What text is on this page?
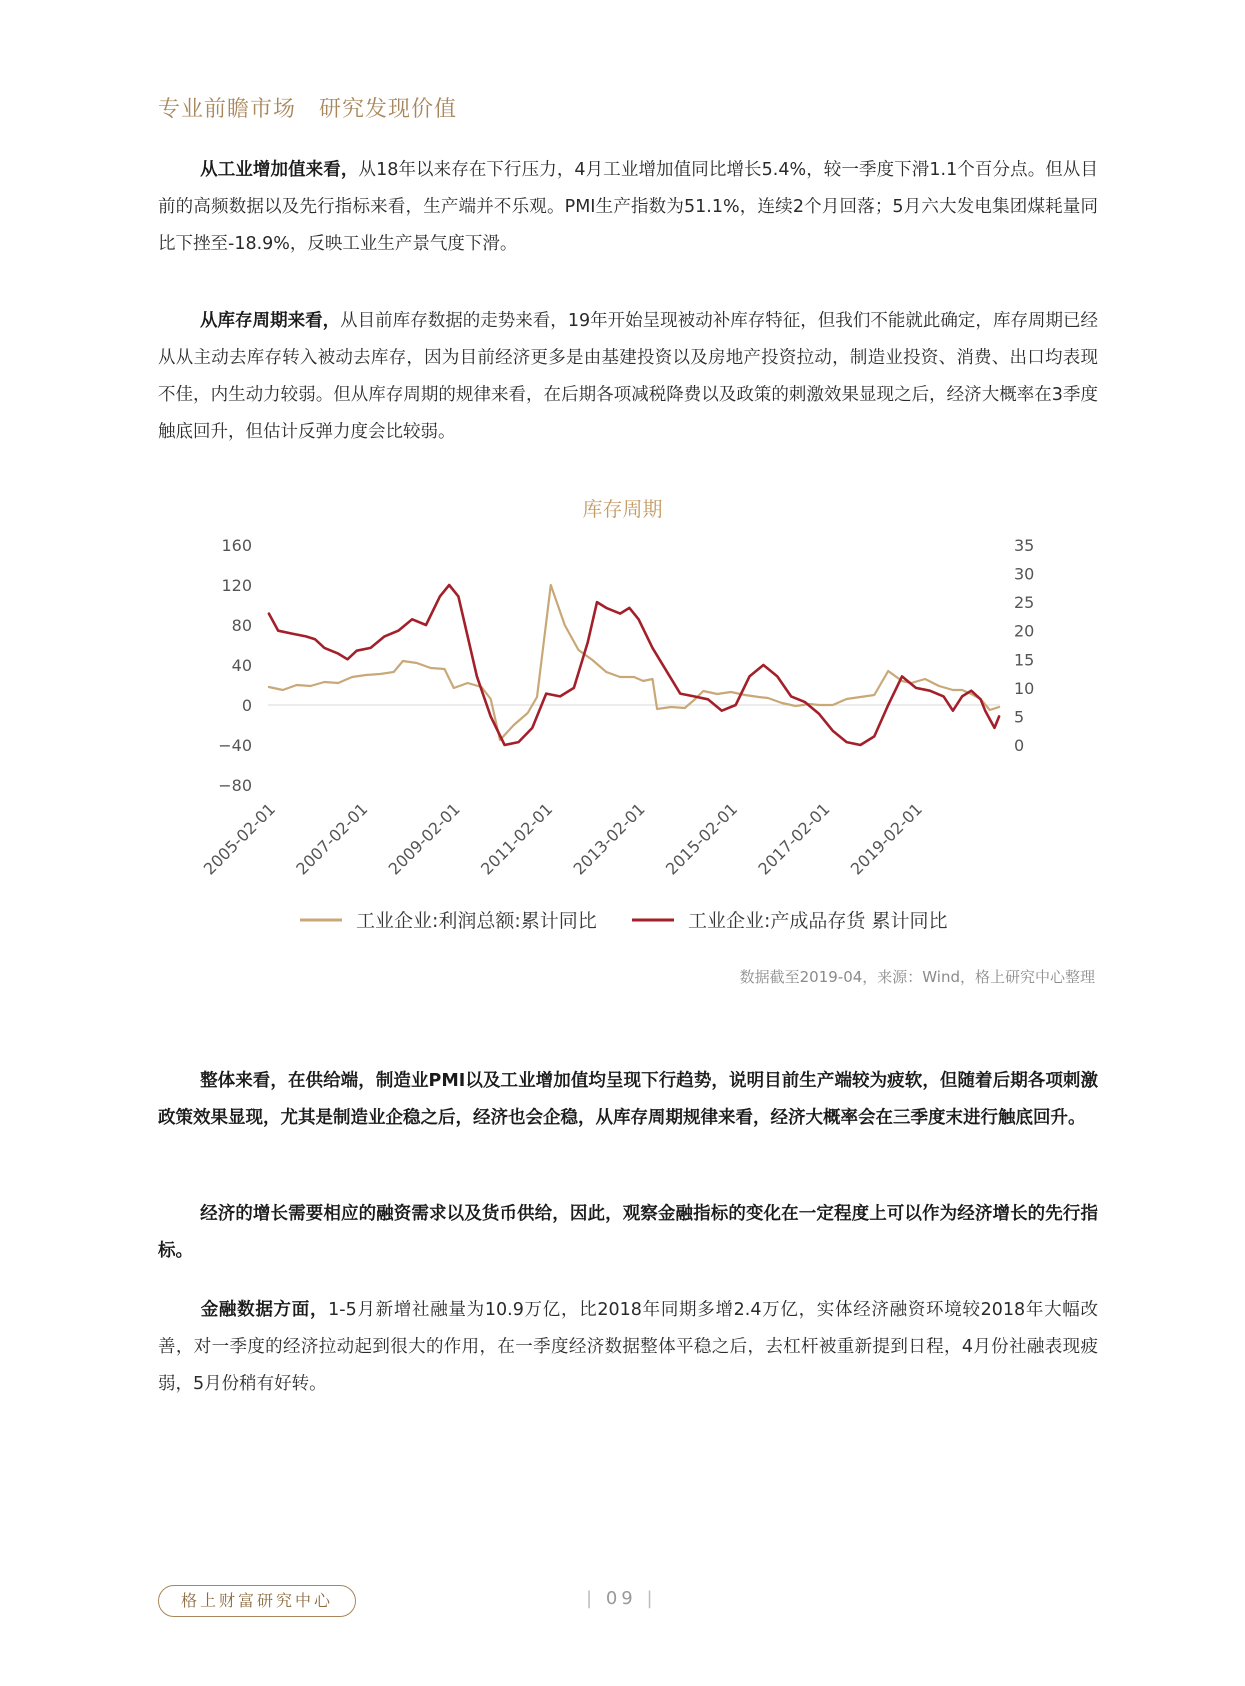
专业前瞻市场　研究发现价值
从工业增加值来看，从18年以来存在下行压力，4月工业增加值同比增长5.4%，较一季度下滑1.1个百分点。但从目前的高频数据以及先行指标来看，生产端并不乐观。PMI生产指数为51.1%，连续2个月回落；5月六大发电集团煤耗量同比下挫至-18.9%，反映工业生产景气度下滑。
从库存周期来看，从目前库存数据的走势来看，19年开始呈现被动补库存特征，但我们不能就此确定，库存周期已经从从主动去库存转入被动去库存，因为目前经济更多是由基建投资以及房地产投资拉动，制造业投资、消费、出口均表现不佳，内生动力较弱。但从库存周期的规律来看，在后期各项减税降费以及政策的刺激效果显现之后，经济大概率在3季度触底回升，但估计反弹力度会比较弱。
库存周期
160
120
80
40
0
−40
−80
35
30
25
20
15
10
5
0
2005-02-01 2007-02-01 2009-02-01 2011-02-01 2013-02-01 2015-02-01 2017-02-01 2019-02-01
工业企业:利润总额:累计同比	工业企业:产成品存货 累计同比
数据截至2019-04，来源：Wind，格上研究中心整理
整体来看，在供给端，制造业PMI以及工业增加值均呈现下行趋势，说明目前生产端较为疲软，但随着后期各项刺激政策效果显现，尤其是制造业企稳之后，经济也会企稳，从库存周期规律来看，经济大概率会在三季度末进行触底回升。
经济的增长需要相应的融资需求以及货币供给，因此，观察金融指标的变化在一定程度上可以作为经济增长的先行指标。
金融数据方面，1-5月新增社融量为10.9万亿，比2018年同期多增2.4万亿，实体经济融资环境较2018年大幅改善，对一季度的经济拉动起到很大的作用，在一季度经济数据整体平稳之后，去杠杆被重新提到日程，4月份社融表现疲弱，5月份稍有好转。
格上财富研究中心	| 09 |
